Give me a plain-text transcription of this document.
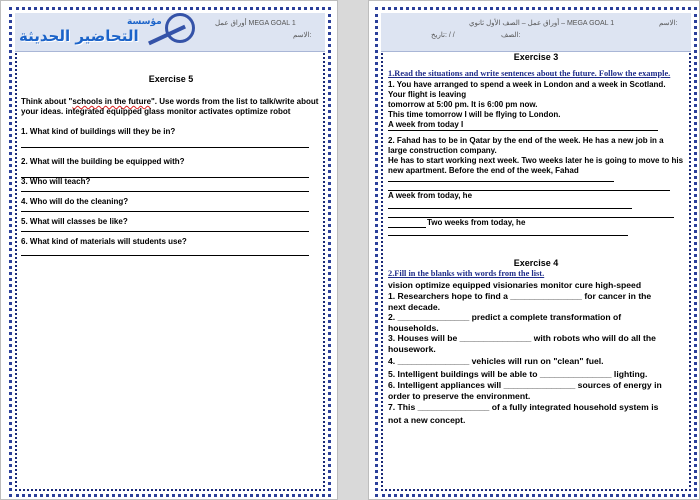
مؤسسة
التحاضير الحديثة
أوراق عمل MEGA GOAL 1
الاسم:
Exercise 5
Think about "schools in the future". Use words from the list to talk/write about your ideas. integrated equipped glass monitor activates optimize robot
1. What kind of buildings will they be in?
2. What will the building be equipped with?
3. Who will teach?
4. Who will do the cleaning?
5. What will classes be like?
6. What kind of materials will students use?
أوراق عمل – الصف الأول ثانوي – MEGA GOAL 1	الاسم:
الصف:
تاريخ: / /
Exercise 3
1.Read the situations and write sentences about the future. Follow the example.
1. You have arranged to spend a week in London and a week in Scotland.
Your flight is leaving
tomorrow at 5:00 pm. It is 6:00 pm now.
This time tomorrow I will be flying to London.
A week from today I
2. Fahad has to be in Qatar by the end of the week. He has a new job in a
large construction company.
He has to start working next week. Two weeks later he is going to move to his
new apartment. Before the end of the week, Fahad
A week from today, he
Two weeks from today, he
Exercise 4
2.Fill in the blanks with words from the list.
vision optimize equipped visionaries monitor cure high-speed
1. Researchers hope to find a _______________ for cancer in the
next decade.
2. _______________ predict a complete transformation of
households.
3. Houses will be _______________ with robots who will do all the
housework.
4. _______________ vehicles will run on "clean" fuel.
5. Intelligent buildings will be able to _______________ lighting.
6. Intelligent appliances will _______________ sources of energy in
order to preserve the environment.
7. This _______________ of a fully integrated household system is
not a new concept.
